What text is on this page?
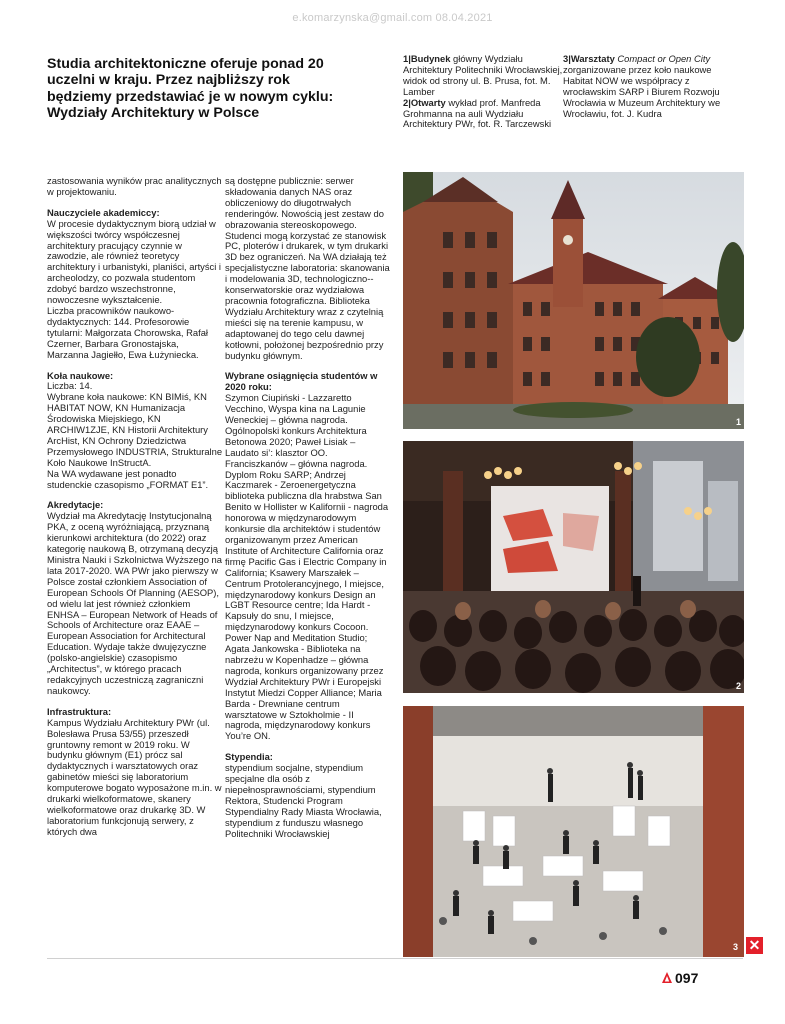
e.komarzynska@gmail.com 08.04.2021
Studia architektoniczne oferuje ponad 20 uczelni w kraju. Przez najbliższy rok będziemy przedstawiać je w nowym cyklu: Wydziały Architektury w Polsce
1|Budynek główny Wydziału Architektury Politechniki Wrocławskiej, widok od strony ul. B. Prusa, fot. M. Lamber
2|Otwarty wykład prof. Manfreda Grohmanna na auli Wydziału Architektury PWr, fot. R. Tarczewski
3|Warsztaty Compact or Open City zorganizowane przez koło naukowe Habitat NOW we współpracy z wrocławskim SARP i Biurem Rozwoju Wrocławia w Muzeum Architektury we Wrocławiu, fot. J. Kudra

zastosowania wyników prac analitycznych w projektowaniu.

Nauczyciele akademiccy:

W procesie dydaktycznym biorą udział w większości twórcy współczesnej architektury pracujący czynnie w zawodzie, ale również teoretycy architektury i urbanistyki, planiści, artyści i archeolodzy, co pozwala studentom zdobyć bardzo wszechstronne, nowoczesne wykształcenie.

Liczba pracowników naukowo-dydaktycznych: 144. Profesorowie tytularni: Małgorzata Chorowska, Rafał Czerner, Barbara Gronostajska, Marzanna Jagiełło, Ewa Łużyniecka.

Koła naukowe:

Liczba: 14.

Wybrane koła naukowe: KN BIMiś, KN HABITAT NOW, KN Humanizacja Środowiska Miejskiego, KN ARCHIW1ZJE, KN Historii Architektury ArcHist, KN Ochrony Dziedzictwa Przemysłowego INDUSTRIA, Strukturalne Koło Naukowe InStructA.

Na WA wydawane jest ponadto studenckie czasopismo „FORMAT E1”.

Akredytacje:

Wydział ma Akredytację Instytucjonalną PKA, z oceną wyróżniającą, przyznaną kierunkowi architektura (do 2022) oraz kategorię naukową B, otrzymaną decyzją Ministra Nauki i Szkolnictwa Wyższego na lata 2017-2020. WA PWr jako pierwszy w Polsce został członkiem Association of European Schools Of Planning (AESOP), od wielu lat jest również członkiem ENHSA – European Network of Heads of Schools of Architecture oraz EAAE – European Association for Architectural Education. Wydaje także dwujęzyczne (polsko-angielskie) czasopismo „Architectus”, w którego pracach redakcyjnych uczestniczą zagraniczni naukowcy.

Infrastruktura:

Kampus Wydziału Architektury PWr (ul. Bolesława Prusa 53/55) przeszedł gruntowny remont w 2019 roku. W budynku głównym (E1) prócz sal dydaktycznych i warsztatowych oraz gabinetów mieści się laboratorium komputerowe bogato wyposażone m.in. w drukarki wielkoformatowe, skanery wielkoformatowe oraz drukarkę 3D. W laboratorium funkcjonują serwery, z których dwa

są dostępne publicznie: serwer składowania danych NAS oraz obliczeniowy do długotrwałych renderingów. Nowością jest zestaw do obrazowania stereoskopowego. Studenci mogą korzystać ze stanowisk PC, ploterów i drukarek, w tym drukarki 3D bez ograniczeń. Na WA działają też specjalistyczne laboratoria: skanowania i modelowania 3D, technologiczno--konserwatorskie oraz wydziałowa pracownia fotograficzna. Biblioteka Wydziału Architektury wraz z czytelnią mieści się na terenie kampusu, w adaptowanej do tego celu dawnej kotłowni, położonej bezpośrednio przy budynku głównym.

Wybrane osiągnięcia studentów w 2020 roku:

Szymon Ciupiński - Lazzaretto Vecchino, Wyspa kina na Lagunie Weneckiej – główna nagroda. Ogólnopolski konkurs Architektura Betonowa 2020; Paweł Lisiak – Laudato si’: klasztor OO. Franciszkanów – główna nagroda. Dyplom Roku SARP; Andrzej Kaczmarek - Zeroenergetyczna biblioteka publiczna dla hrabstwa San Benito w Hollister w Kalifornii - nagroda honorowa w międzynarodowym konkursie dla architektów i studentów organizowanym przez American Institute of Architecture California oraz firmę Pacific Gas i Electric Company in California; Ksawery Marszałek – Centrum Protolerancyjnego, I miejsce, międzynarodowy konkurs Design an LGBT Resource centre; Ida Hardt - Kapsuły do snu, I miejsce, międzynarodowy konkurs Cocoon. Power Nap and Meditation Studio; Agata Jankowska - Biblioteka na nabrzeżu w Kopenhadze – główna nagroda, konkurs organizowany przez Wydział Architektury PWr i Europejski Instytut Miedzi Copper Alliance; Maria Barda - Drewniane centrum warsztatowe w Sztokholmie - II nagroda, międzynarodowy konkurs You’re ON.

Stypendia:

stypendium socjalne, stypendium specjalne dla osób z niepełnosprawnościami, stypendium Rektora, Studencki Program Stypendialny Rady Miasta Wrocławia, stypendium z funduszu własnego Politechniki Wrocławskiej

1
2
3 ✕
097
